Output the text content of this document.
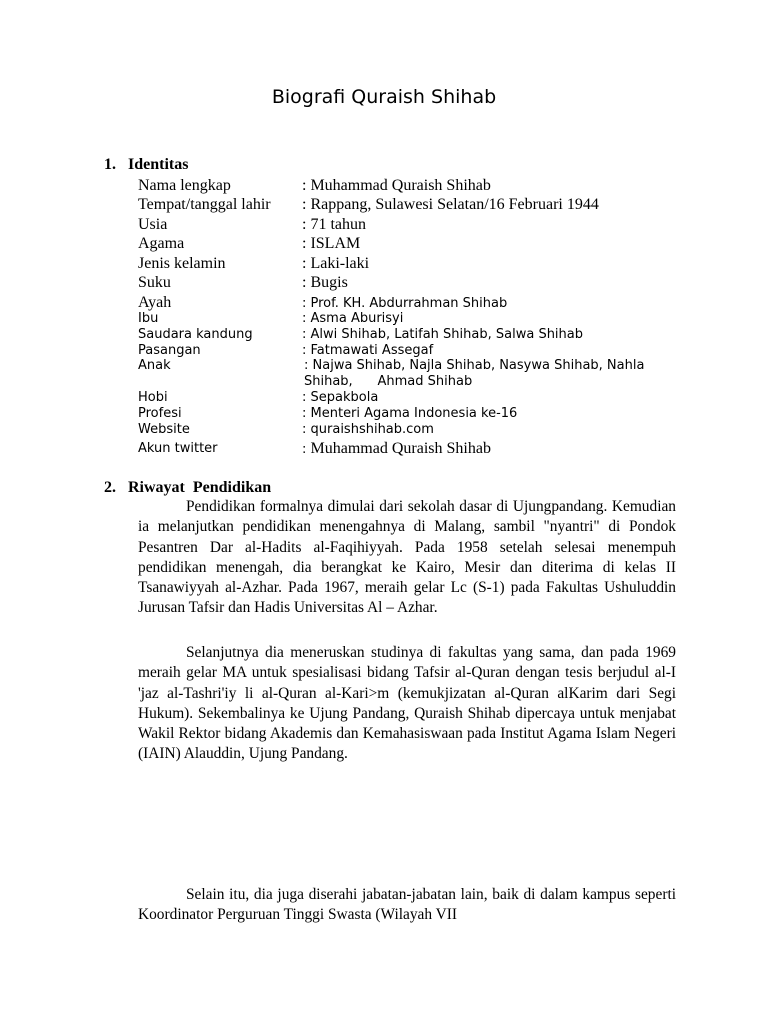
Biografi Quraish Shihab
1. Identitas
Nama lengkap	: Muhammad Quraish Shihab
Tempat/tanggal lahir : Rappang, Sulawesi Selatan/16 Februari 1944
Usia	: 71 tahun
Agama	: ISLAM
Jenis kelamin	: Laki-laki
Suku	: Bugis
Ayah	: Prof. KH. Abdurrahman Shihab
Ibu	: Asma Aburisyi
Saudara kandung	: Alwi Shihab, Latifah Shihab, Salwa Shihab
Pasangan	: Fatmawati Assegaf
Anak	: Najwa Shihab, Najla Shihab, Nasywa Shihab, Nahla Shihab,      Ahmad Shihab
Hobi	: Sepakbola
Profesi	: Menteri Agama Indonesia ke-16
Website	: quraishshihab.com
Akun twitter	: Muhammad Quraish Shihab
2. Riwayat  Pendidikan

Pendidikan formalnya dimulai dari sekolah dasar di Ujungpandang. Kemudian ia melanjutkan pendidikan menengahnya di Malang, sambil "nyantri" di Pondok Pesantren Dar al-Hadits al-Faqihiyyah. Pada 1958 setelah selesai menempuh pendidikan menengah, dia berangkat ke Kairo, Mesir dan diterima di kelas II Tsanawiyyah al-Azhar. Pada 1967, meraih gelar Lc (S-1) pada Fakultas Ushuluddin Jurusan Tafsir dan Hadis Universitas Al – Azhar.

Selanjutnya dia meneruskan studinya di fakultas yang sama, dan pada 1969 meraih gelar MA untuk spesialisasi bidang Tafsir al-Quran dengan tesis berjudul al-I 'jaz al-Tashri'iy li al-Quran al-Kari>m (kemukjizatan al-Quran alKarim dari Segi Hukum). Sekembalinya ke Ujung Pandang, Quraish Shihab dipercaya untuk menjabat Wakil Rektor bidang Akademis dan Kemahasiswaan pada Institut Agama Islam Negeri (IAIN) Alauddin, Ujung Pandang.

Selain itu, dia juga diserahi jabatan-jabatan lain, baik di dalam kampus seperti Koordinator Perguruan Tinggi Swasta (Wilayah VII
